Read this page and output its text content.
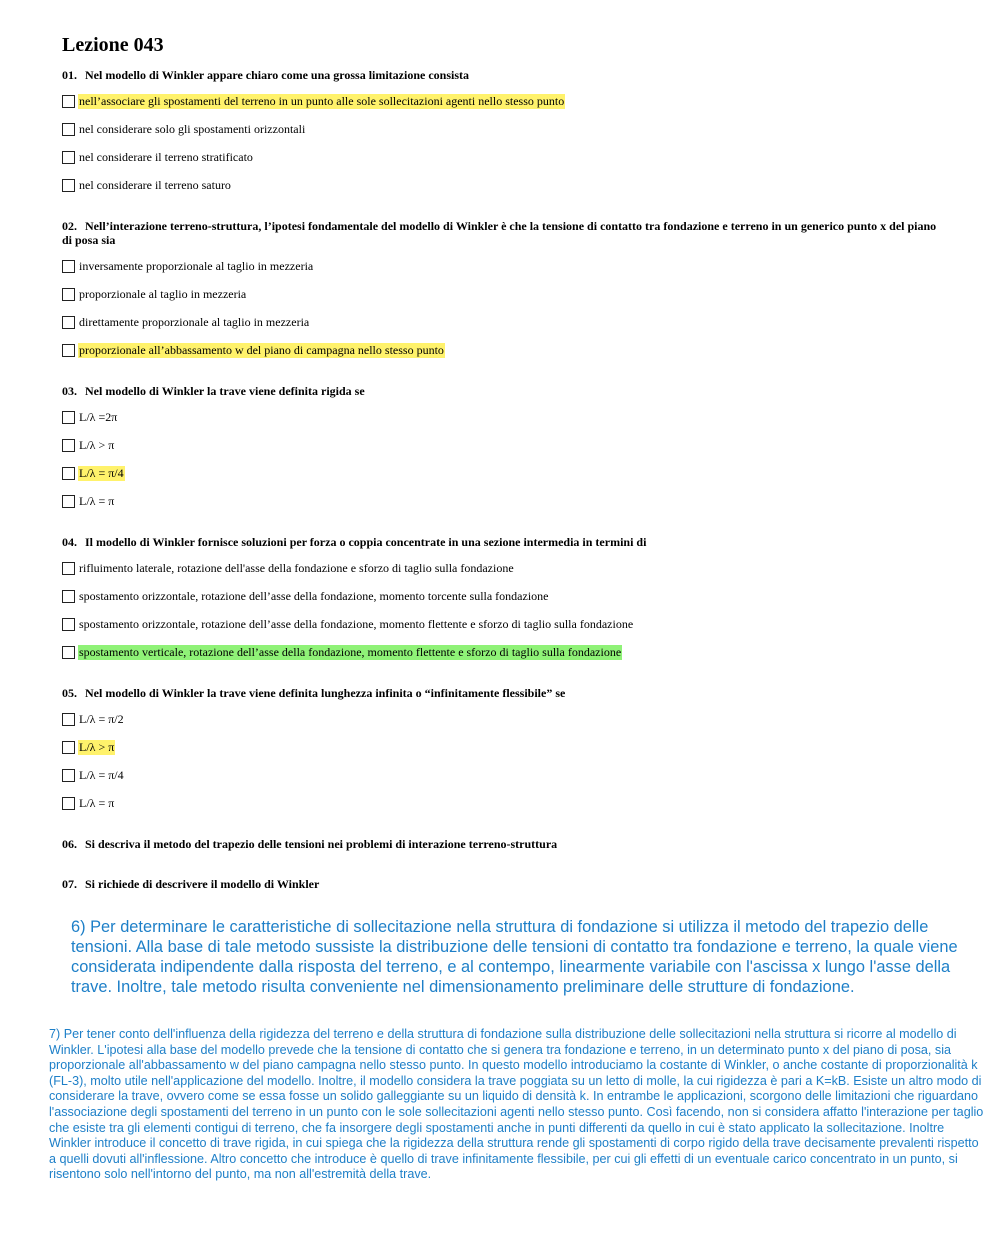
Lezione 043

01. Nel modello di Winkler appare chiaro come una grossa limitazione consista

nell’associare gli spostamenti del terreno in un punto alle sole sollecitazioni agenti nello stesso punto
nel considerare solo gli spostamenti orizzontali
nel considerare il terreno stratificato
nel considerare il terreno saturo

02. Nell’interazione terreno-struttura, l’ipotesi fondamentale del modello di Winkler è che la tensione di contatto tra fondazione e terreno in un generico punto x del piano di posa sia

inversamente proporzionale al taglio in mezzeria
proporzionale al taglio in mezzeria
direttamente proporzionale al taglio in mezzeria
proporzionale all’abbassamento w del piano di campagna nello stesso punto

03. Nel modello di Winkler la trave viene definita rigida se

L/λ =2π
L/λ > π
L/λ = π/4
L/λ = π

04. Il modello di Winkler fornisce soluzioni per forza o coppia concentrate in una sezione intermedia in termini di

rifluimento laterale, rotazione dell'asse della fondazione e sforzo di taglio sulla fondazione
spostamento orizzontale, rotazione dell’asse della fondazione, momento torcente sulla fondazione
spostamento orizzontale, rotazione dell’asse della fondazione, momento flettente e sforzo di taglio sulla fondazione
spostamento verticale, rotazione dell’asse della fondazione, momento flettente e sforzo di taglio sulla fondazione

05. Nel modello di Winkler la trave viene definita lunghezza infinita o “infinitamente flessibile” se

L/λ = π/2
L/λ > π
L/λ = π/4
L/λ = π

06. Si descriva il metodo del trapezio delle tensioni nei problemi di interazione terreno-struttura

07. Si richiede di descrivere il modello di Winkler

6) Per determinare le caratteristiche di sollecitazione nella struttura di fondazione si utilizza il metodo del trapezio delle tensioni. Alla base di tale metodo sussiste la distribuzione delle tensioni di contatto tra fondazione e terreno, la quale viene considerata indipendente dalla risposta del terreno, e al contempo, linearmente variabile con l'ascissa x lungo l'asse della trave. Inoltre, tale metodo risulta conveniente nel dimensionamento preliminare delle strutture di fondazione.

7) Per tener conto dell'influenza della rigidezza del terreno e della struttura di fondazione sulla distribuzione delle sollecitazioni nella struttura si ricorre al modello di Winkler. L'ipotesi alla base del modello prevede che la tensione di contatto che si genera tra fondazione e terreno, in un determinato punto x del piano di posa, sia proporzionale all'abbassamento w del piano campagna nello stesso punto. In questo modello introduciamo la costante di Winkler, o anche costante di proporzionalità k (FL-3), molto utile nell'applicazione del modello. Inoltre, il modello considera la trave poggiata su un letto di molle, la cui rigidezza è pari a K=kB. Esiste un altro modo di considerare la trave, ovvero come se essa fosse un solido galleggiante su un liquido di densità k. In entrambe le applicazioni, scorgono delle limitazioni che riguardano l'associazione degli spostamenti del terreno in un punto con le sole sollecitazioni agenti nello stesso punto. Così facendo, non si considera affatto l'interazione per taglio che esiste tra gli elementi contigui di terreno, che fa insorgere degli spostamenti anche in punti differenti da quello in cui è stato applicato la sollecitazione. Inoltre Winkler introduce il concetto di trave rigida, in cui spiega che la rigidezza della struttura rende gli spostamenti di corpo rigido della trave decisamente prevalenti rispetto a quelli dovuti all'inflessione. Altro concetto che introduce è quello di trave infinitamente flessibile, per cui gli effetti di un eventuale carico concentrato in un punto, si risentono solo nell'intorno del punto, ma non all'estremità della trave.
